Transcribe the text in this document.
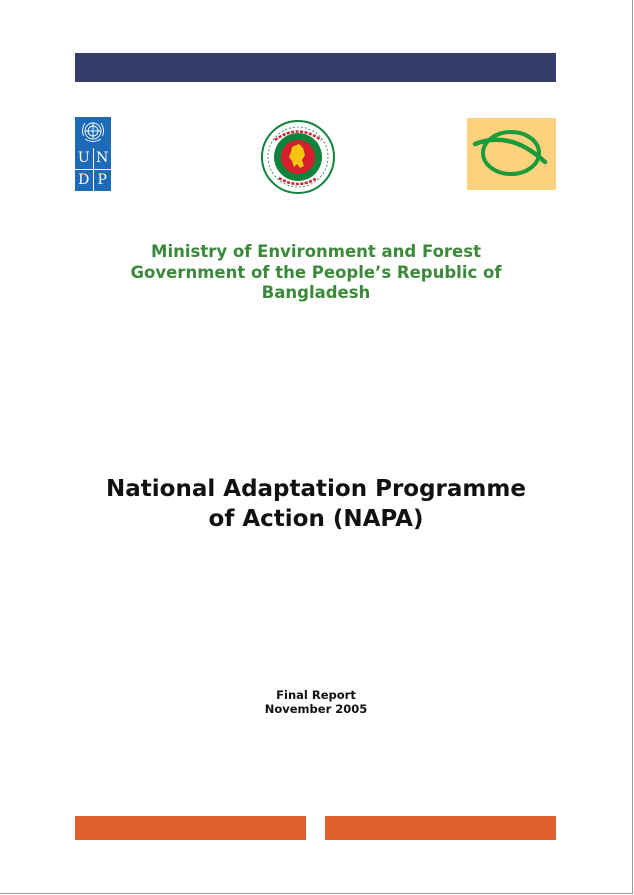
U N
D P
Ministry of Environment and Forest
Government of the People’s Republic of
Bangladesh
National Adaptation Programme
of Action (NAPA)
Final Report
November 2005
